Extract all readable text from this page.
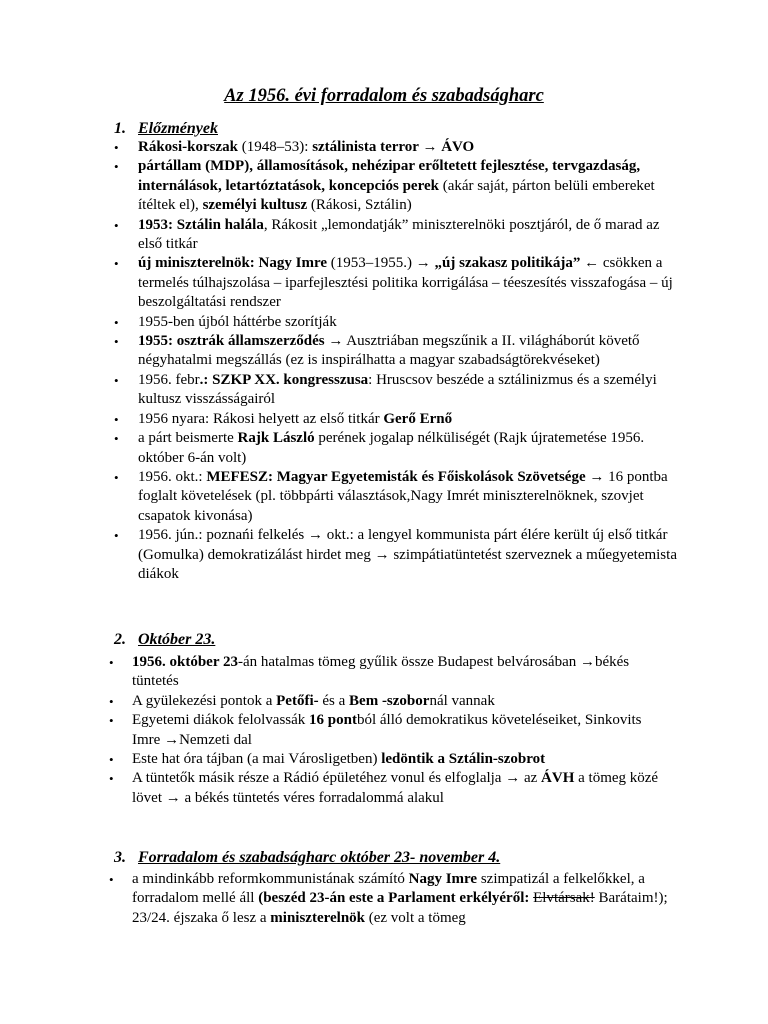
Az 1956. évi forradalom és szabadságharc
1. Előzmények
• Rákosi-korszak (1948–53): sztálinista terror → ÁVO
• pártállam (MDP), államosítások, nehézipar erőltetett fejlesztése, tervgazdaság, internálások, letartóztatások, koncepciós perek (akár saját, párton belüli embereket ítéltek el), személyi kultusz (Rákosi, Sztálin)
• 1953: Sztálin halála, Rákosit „lemondatják” miniszterelnöki posztjáról, de ő marad az első titkár
• új miniszterelnök: Nagy Imre (1953–1955.) → „új szakasz politikája” ← csökken a termelés túlhajszolása – iparfejlesztési politika korrigálása – téeszesítés visszafogása – új beszolgáltatási rendszer
• 1955-ben újból háttérbe szorítják
• 1955: osztrák államszerződés → Ausztriában megszűnik a II. világháborút követő négyhatalmi megszállás (ez is inspirálhatta a magyar szabadságtörekvéseket)
• 1956. febr.: SZKP XX. kongresszusa: Hruscsov beszéde a sztálinizmus és a személyi kultusz visszásságairól
• 1956 nyara: Rákosi helyett az első titkár Gerő Ernő
• a párt beismerte Rajk László perének jogalap nélküliségét (Rajk újratemetése 1956. október 6-án volt)
• 1956. okt.: MEFESZ: Magyar Egyetemisták és Főiskolások Szövetsége → 16 pontba foglalt követelések (pl. többpárti választások,Nagy Imrét miniszterelnöknek, szovjet csapatok kivonása)
• 1956. jún.: poznańi felkelés → okt.: a lengyel kommunista párt élére került új első titkár (Gomulka) demokratizálást hirdet meg → szimpátiatüntetést szerveznek a műegyetemista diákok
2. Október 23.
• 1956. október 23-án hatalmas tömeg gyűlik össze Budapest belvárosában →békés tüntetés
• A gyülekezési pontok a Petőfi- és a Bem -szobornál vannak
• Egyetemi diákok felolvassák 16 pontból álló demokratikus követeléseiket, Sinkovits Imre →Nemzeti dal
• Este hat óra tájban (a mai Városligetben) ledöntik a Sztálin-szobrot
• A tüntetők másik része a Rádió épületéhez vonul és elfoglalja → az ÁVH a tömeg közé lövet → a békés tüntetés véres forradalommá alakul
3. Forradalom és szabadságharc október 23- november 4.
• a mindinkább reformkommunistának számító Nagy Imre szimpatizál a felkelőkkel, a forradalom mellé áll (beszéd 23-án este a Parlament erkélyéről: Elvtársak! Barátaim!); 23/24. éjszaka ő lesz a miniszterelnök (ez volt a tömeg
